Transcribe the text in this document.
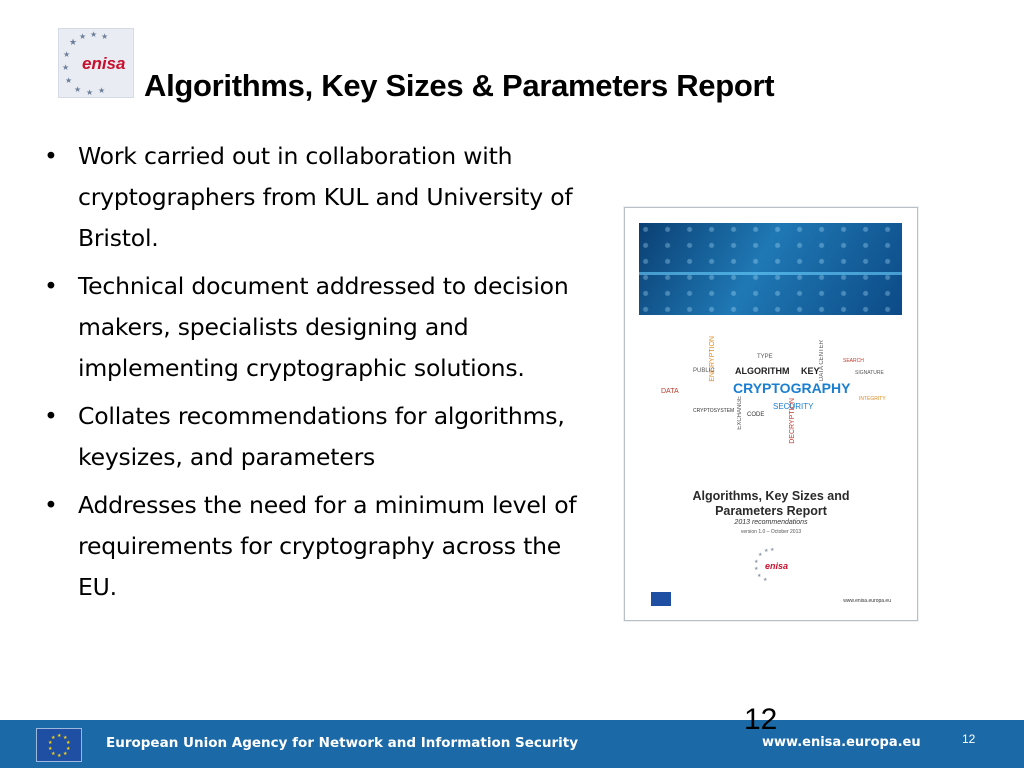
★
★ ★ ★
★
★
★
★ ★ ★
enisa
Algorithms, Key Sizes & Parameters Report
• Work carried out in collaboration with cryptographers from KUL and University of Bristol.
• Technical document addressed to decision makers, specialists designing and implementing cryptographic solutions.
• Collates recommendations for algorithms, keysizes, and parameters
• Addresses the need for a minimum level of requirements for cryptography across the EU.
CRYPTOGRAPHY
ALGORITHM KEY
ENCRYPTION
SECURITY
DATA
CODE
DATA CENTER
TYPE
PUBLIC
EXCHANGE	DECRYPTION
SEARCH
SIGNATURE
INTEGRITY
CRYPTOSYSTEM
Algorithms, Key Sizes and
Parameters Report
2013 recommendations
version 1.0 – October 2013
★
★ ★
★
★
★
★
enisa
www.enisa.europa.eu
12
★ ★
★
★
★
★
★
★
★
★	European Union Agency for Network and Information Security	www.enisa.europa.eu	12
